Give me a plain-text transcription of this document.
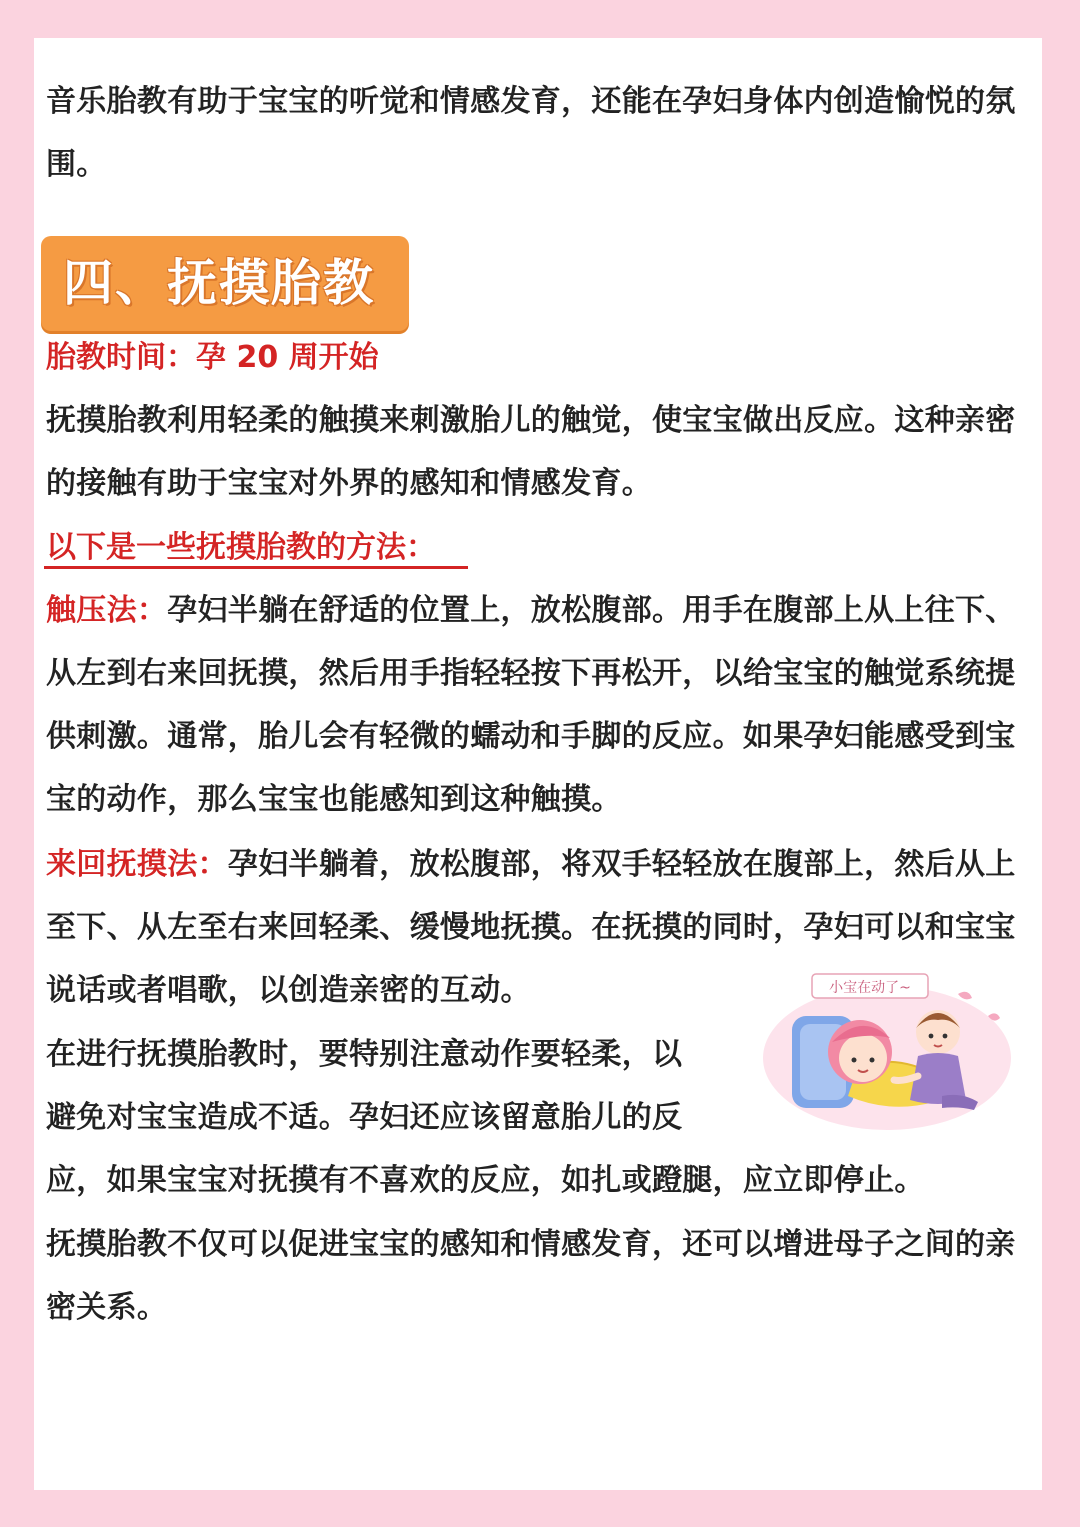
音乐胎教有助于宝宝的听觉和情感发育，还能在孕妇身体内创造愉悦的氛围。

四、抚摸胎教

胎教时间：孕 20 周开始

抚摸胎教利用轻柔的触摸来刺激胎儿的触觉，使宝宝做出反应。这种亲密的接触有助于宝宝对外界的感知和情感发育。

以下是一些抚摸胎教的方法：

触压法：孕妇半躺在舒适的位置上，放松腹部。用手在腹部上从上往下、从左到右来回抚摸，然后用手指轻轻按下再松开，以给宝宝的触觉系统提供刺激。通常，胎儿会有轻微的蠕动和手脚的反应。如果孕妇能感受到宝宝的动作，那么宝宝也能感知到这种触摸。

来回抚摸法：孕妇半躺着，放松腹部，将双手轻轻放在腹部上，然后从上至下、从左至右来回轻柔、缓慢地抚摸。在抚摸的同时，孕妇可以和宝宝说话或者唱歌，以创造亲密的互动。

在进行抚摸胎教时，要特别注意动作要轻柔，以

避免对宝宝造成不适。孕妇还应该留意胎儿的反

应，如果宝宝对抚摸有不喜欢的反应，如扎或蹬腿，应立即停止。

抚摸胎教不仅可以促进宝宝的感知和情感发育，还可以增进母子之间的亲密关系。

小宝在动了~
